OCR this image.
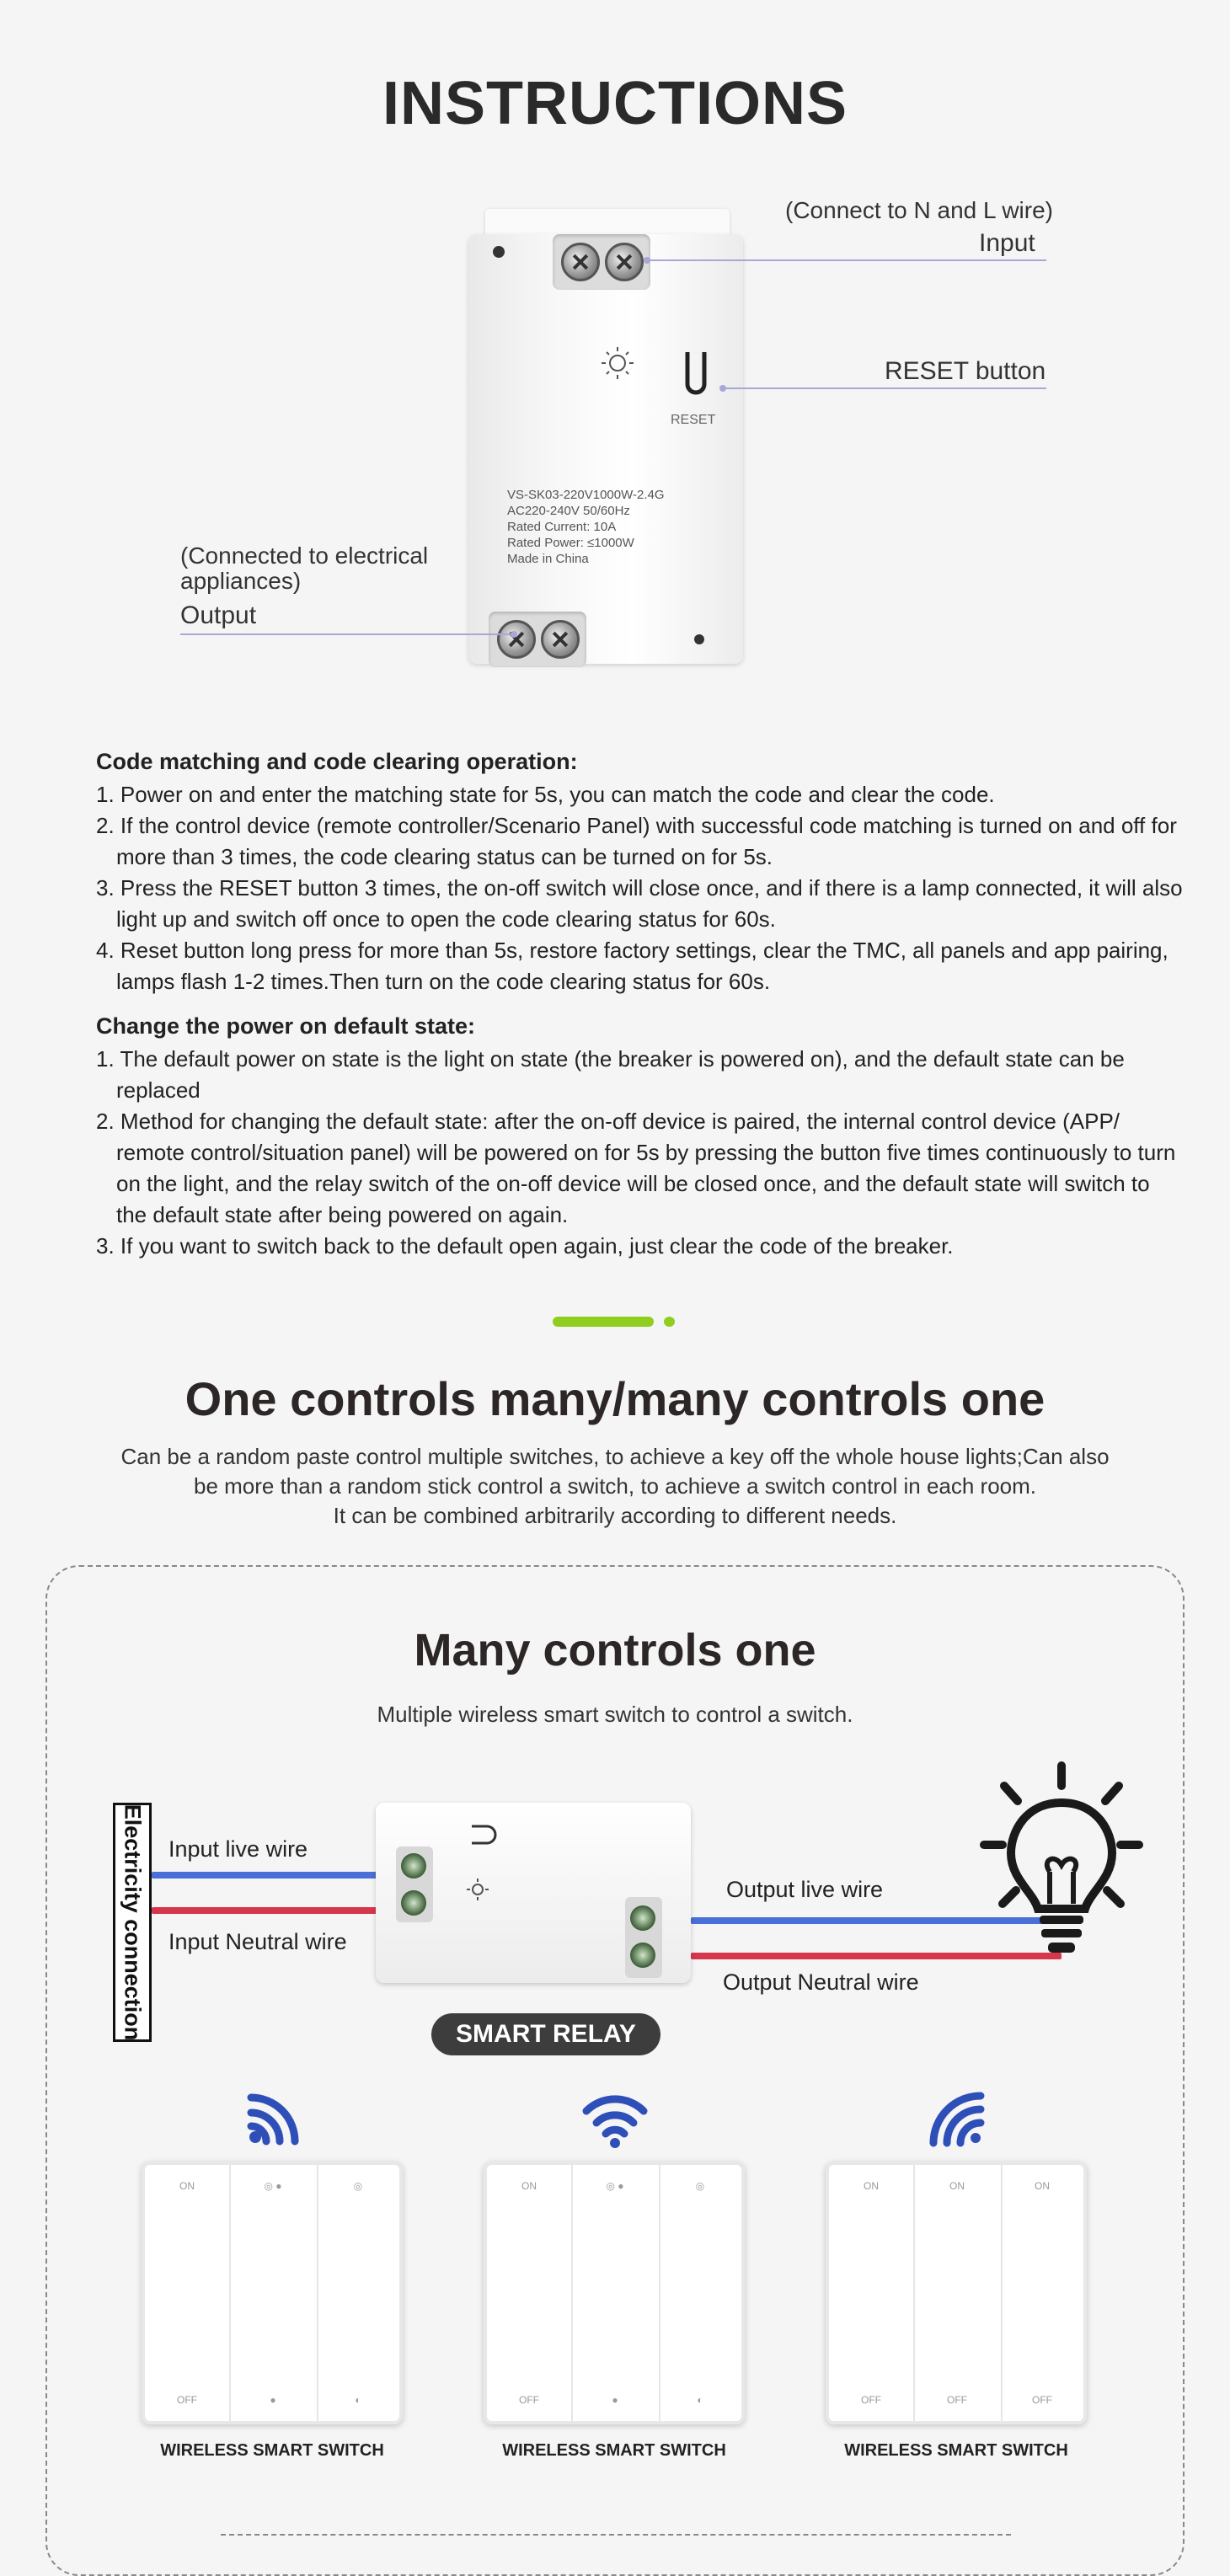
INSTRUCTIONS
RESET
VS-SK03-220V1000W-2.4G
AC220-240V 50/60Hz
Rated Current: 10A
Rated Power: ≤1000W
Made in China
(Connect to N and L wire)
Input
RESET button
(Connected to electrical
appliances)
Output
Code matching and code clearing operation:
1. Power on and enter the matching state for 5s, you can match the code and clear the code.
2. If the control device (remote controller/Scenario Panel) with successful code matching is turned on and off for more than 3 times, the code clearing status can be turned on for 5s.
3. Press the RESET button 3 times, the on-off switch will close once, and if there is a lamp connected, it will also light up and switch off once to open the code clearing status for 60s.
4. Reset button long press for more than 5s, restore factory settings, clear the TMC, all panels and app pairing, lamps flash 1-2 times.Then turn on the code clearing status for 60s.
Change the power on default state:
1. The default power on state is the light on state (the breaker is powered on), and the default state can be replaced
2. Method for changing the default state: after the on-off device is paired, the internal control device (APP/ remote control/situation panel) will be powered on for 5s by pressing the button five times continuously to turn on the light, and the relay switch of the on-off device will be closed once, and the default state will switch to the default state after being powered on again.
3. If you want to switch back to the default open again, just clear the code of the breaker.
One controls many/many controls one
Can be a random paste control multiple switches, to achieve a key off the whole house lights;Can also
be more than a random stick control a switch, to achieve a switch control in each room.
It can be combined arbitrarily according to different needs.
Many controls one
Multiple wireless smart switch to control a switch.
Electricity connection Input live wire
Input Neutral wire
Output live wire
Output Neutral wire
SMART RELAY
ON
OFF
◎ ●
●
◎
◐
ON
OFF
◎ ●
●
◎
◐
ON
OFF
ON
OFF
ON
OFF
WIRELESS SMART SWITCH	WIRELESS SMART SWITCH	WIRELESS SMART SWITCH
